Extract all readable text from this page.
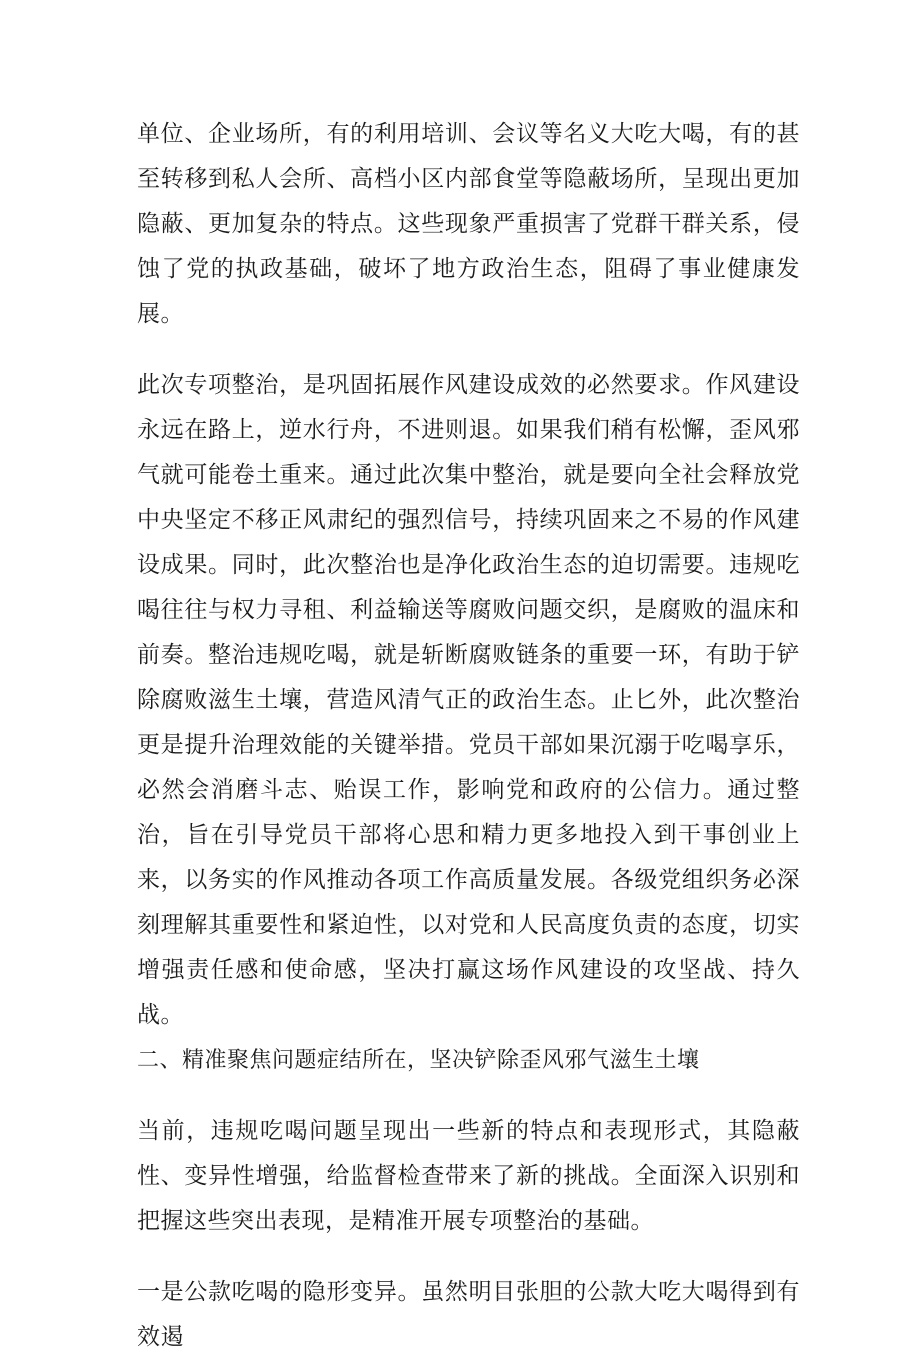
单位、企业场所，有的利用培训、会议等名义大吃大喝，有的甚至转移到私人会所、高档小区内部食堂等隐蔽场所，呈现出更加隐蔽、更加复杂的特点。这些现象严重损害了党群干群关系，侵蚀了党的执政基础，破坏了地方政治生态，阻碍了事业健康发展。

此次专项整治，是巩固拓展作风建设成效的必然要求。作风建设永远在路上，逆水行舟，不进则退。如果我们稍有松懈，歪风邪气就可能卷土重来。通过此次集中整治，就是要向全社会释放党中央坚定不移正风肃纪的强烈信号，持续巩固来之不易的作风建设成果。同时，此次整治也是净化政治生态的迫切需要。违规吃喝往往与权力寻租、利益输送等腐败问题交织，是腐败的温床和前奏。整治违规吃喝，就是斩断腐败链条的重要一环，有助于铲除腐败滋生土壤，营造风清气正的政治生态。止匕外，此次整治更是提升治理效能的关键举措。党员干部如果沉溺于吃喝享乐，必然会消磨斗志、贻误工作，影响党和政府的公信力。通过整治，旨在引导党员干部将心思和精力更多地投入到干事创业上来，以务实的作风推动各项工作高质量发展。各级党组织务必深刻理解其重要性和紧迫性，以对党和人民高度负责的态度，切实增强责任感和使命感，坚决打赢这场作风建设的攻坚战、持久战。

二、精准聚焦问题症结所在，坚决铲除歪风邪气滋生土壤

当前，违规吃喝问题呈现出一些新的特点和表现形式，其隐蔽性、变异性增强，给监督检查带来了新的挑战。全面深入识别和把握这些突出表现，是精准开展专项整治的基础。

一是公款吃喝的隐形变异。虽然明目张胆的公款大吃大喝得到有效遏
